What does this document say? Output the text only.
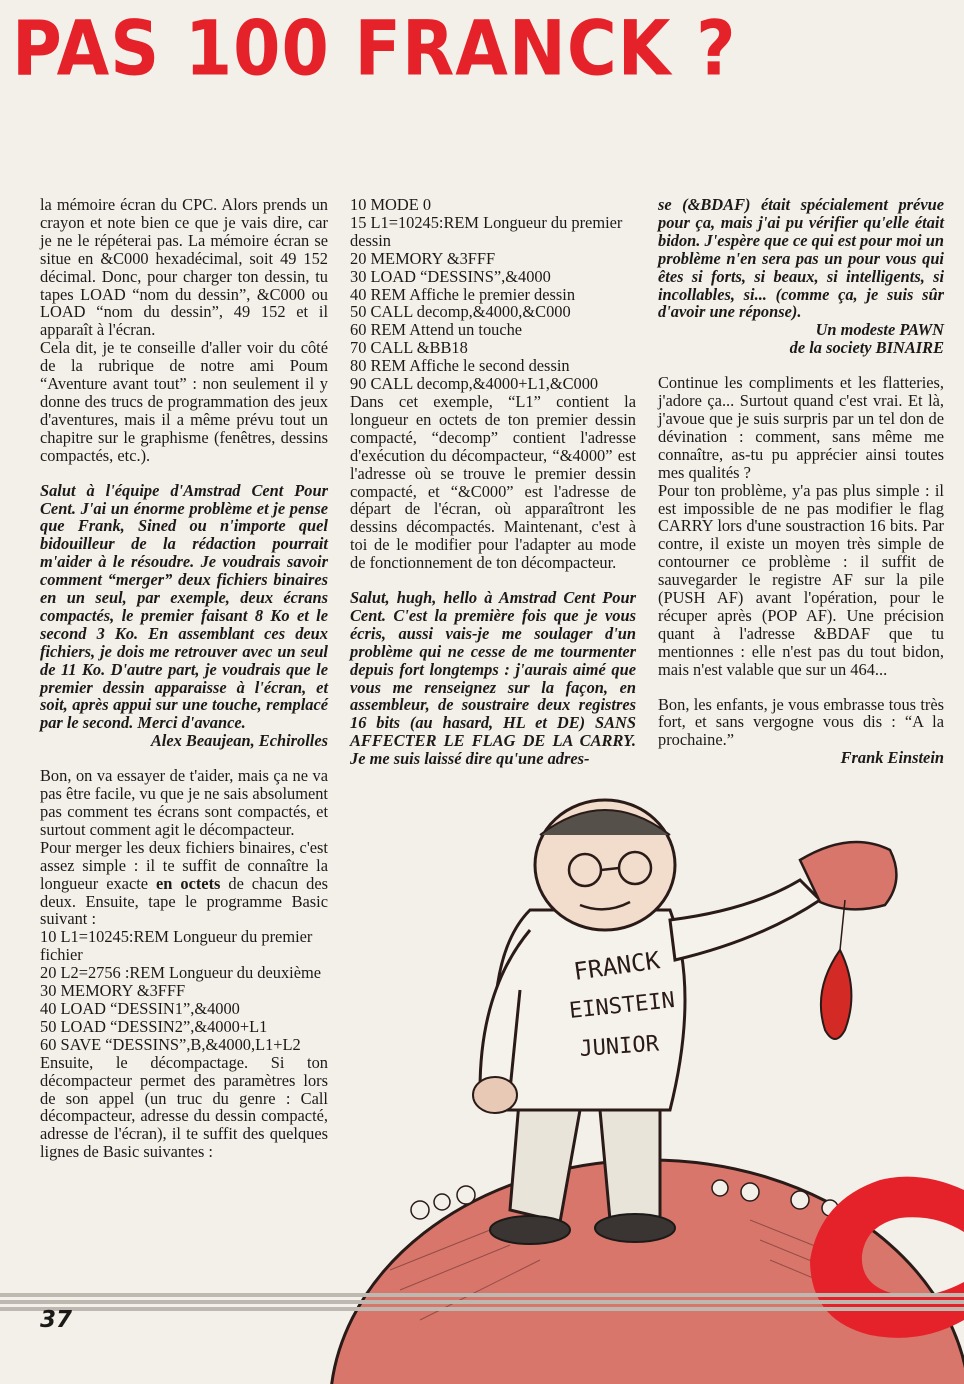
PAS 100 FRANCK ?

la mémoire écran du CPC. Alors prends un crayon et note bien ce que je vais dire, car je ne le répéterai pas. La mémoire écran se situe en &C000 hexadécimal, soit 49 152 décimal. Donc, pour charger ton dessin, tu tapes LOAD “nom du dessin”, &C000 ou LOAD “nom du dessin”, 49 152 et il apparaît à l'écran.

Cela dit, je te conseille d'aller voir du côté de la rubrique de notre ami Poum “Aventure avant tout” : non seulement il y donne des trucs de programmation des jeux d'aventures, mais il a même prévu tout un chapitre sur le graphisme (fenêtres, dessins compactés, etc.).

Salut à l'équipe d'Amstrad Cent Pour Cent. J'ai un énorme problème et je pense que Frank, Sined ou n'importe quel bidouilleur de la rédaction pourrait m'aider à le résoudre. Je voudrais savoir comment “merger” deux fichiers binaires en un seul, par exemple, deux écrans compactés, le premier faisant 8 Ko et le second 3 Ko. En assemblant ces deux fichiers, je dois me retrouver avec un seul de 11 Ko. D'autre part, je voudrais que le premier dessin apparaisse à l'écran, et soit, après appui sur une touche, remplacé par le second. Merci d'avance.

Alex Beaujean, Echirolles

Bon, on va essayer de t'aider, mais ça ne va pas être facile, vu que je ne sais absolument pas comment tes écrans sont compactés, et surtout comment agit le décompacteur.

Pour merger les deux fichiers binaires, c'est assez simple : il te suffit de connaître la longueur exacte en octets de chacun des deux. Ensuite, tape le programme Basic suivant :

10 L1=10245:REM Longueur du premier fichier

20 L2=2756 :REM Longueur du deuxième

30 MEMORY &3FFF

40 LOAD “DESSIN1”,&4000

50 LOAD “DESSIN2”,&4000+L1

60 SAVE “DESSINS”,B,&4000,L1+L2

Ensuite, le décompactage. Si ton décompacteur permet des paramètres lors de son appel (un truc du genre : Call décompacteur, adresse du dessin compacté, adresse de l'écran), il te suffit des quelques lignes de Basic suivantes :

10 MODE 0

15 L1=10245:REM Longueur du premier dessin

20 MEMORY &3FFF

30 LOAD “DESSINS”,&4000

40 REM Affiche le premier dessin

50 CALL decomp,&4000,&C000

60 REM Attend un touche

70 CALL &BB18

80 REM Affiche le second dessin

90 CALL decomp,&4000+L1,&C000

Dans cet exemple, “L1” contient la longueur en octets de ton premier dessin compacté, “decomp” contient l'adresse d'exécution du décompacteur, “&4000” est l'adresse où se trouve le premier dessin compacté, et “&C000” est l'adresse de départ de l'écran, où apparaîtront les dessins décompactés. Maintenant, c'est à toi de le modifier pour l'adapter au mode de fonctionnement de ton décompacteur.

Salut, hugh, hello à Amstrad Cent Pour Cent. C'est la première fois que je vous écris, aussi vais-je me soulager d'un problème qui ne cesse de me tourmenter depuis fort longtemps : j'aurais aimé que vous me renseignez sur la façon, en assembleur, de soustraire deux registres 16 bits (au hasard, HL et DE) SANS AFFECTER LE FLAG DE LA CARRY. Je me suis laissé dire qu'une adres-

se (&BDAF) était spécialement prévue pour ça, mais j'ai pu vérifier qu'elle était bidon. J'espère que ce qui est pour moi un problème n'en sera pas un pour vous qui êtes si forts, si beaux, si intelligents, si incollables, si... (comme ça, je suis sûr d'avoir une réponse).

Un modeste PAWN

de la society BINAIRE

Continue les compliments et les flatteries, j'adore ça... Surtout quand c'est vrai. Et là, j'avoue que je suis surpris par un tel don de dévination : comment, sans même me connaître, as-tu pu apprécier ainsi toutes mes qualités ?

Pour ton problème, y'a pas plus simple : il est impossible de ne pas modifier le flag CARRY lors d'une soustraction 16 bits. Par contre, il existe un moyen très simple de contourner ce problème : il suffit de sauvegarder le registre AF sur la pile (PUSH AF) avant l'opération, pour le récuper après (POP AF). Une précision quant à l'adresse &BDAF que tu mentionnes : elle n'est pas du tout bidon, mais n'est valable que sur un 464...

Bon, les enfants, je vous embrasse tous très fort, et sans vergogne vous dis : “A la prochaine.”

Frank Einstein

FRANCK
EINSTEIN
JUNIOR
37
